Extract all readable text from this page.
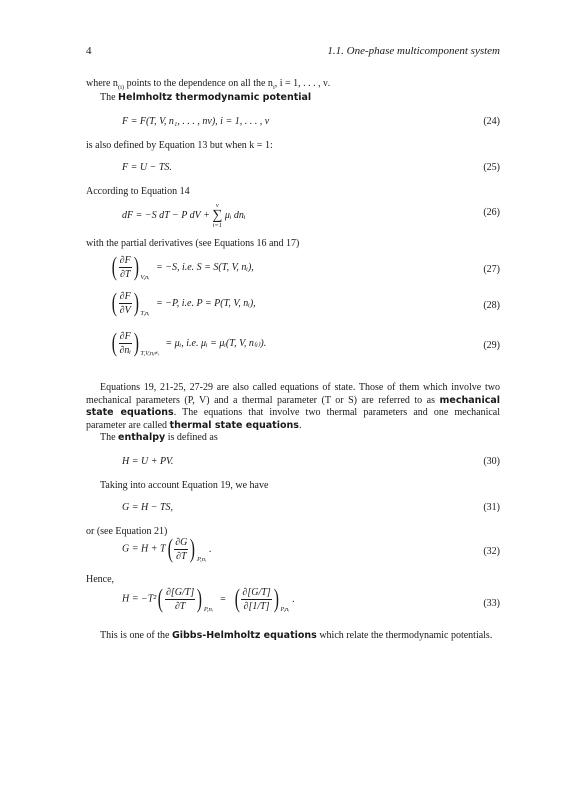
4	1.1. One-phase multicomponent system
where $n_{(i)}$ points to the dependence on all the $n_i$, i = 1, . . . , ν.
The Helmholtz thermodynamic potential
F = F(T, V, n₁, . . . , nν), i = 1, . . . , ν	(24)
is also defined by Equation 13 but when k = 1:
F = U − TS.	(25)
According to Equation 14
dF = −S dT − P dV +
ν
∑
i=1
μᵢ dnᵢ	(26)
with the partial derivatives (see Equations 16 and 17)
( $\frac{\partial F}{\partial T}$ ) $_{V,nᵢ}$ = −S, i.e. S = S(T, V, nᵢ),	(27)
( $\frac{\partial F}{\partial V}$ ) $_{T,nᵢ}$ = −P, i.e. P = P(T, V, nᵢ),	(28)
( $\frac{\partial F}{\text{∂nᵢ}}$ ) $_{T,V,nⱼ\ne ᵢ}$ = μᵢ, i.e. μᵢ = μᵢ(T, V, n₍ᵢ₎).	(29)
Equations 19, 21-25, 27-29 are also called equations of state. Those of them which involve two mechanical parameters (P, V) and a thermal parameter (T or S) are referred to as mechanical state equations. The equations that involve two thermal parameters and one mechanical parameter are called thermal state equations.
The enthalpy is defined as
H = U + PV.	(30)
Taking into account Equation 19, we have
G = H − TS,	(31)
or (see Equation 21)
$G = H + T( \frac{\partial G}{\partial T}$ ) $_{P,nᵢ}$.	(32)
Hence,
$H = -T^2( \frac{\partial[G/T]}{\partial T}$ ) $_{P,nᵢ}$ = ( $\frac{\partial[G/T]}{\partial[1/T]}$ ) $_{P,nᵢ}$.	(33)
This is one of the Gibbs-Helmholtz equations which relate the thermodynamic potentials.
